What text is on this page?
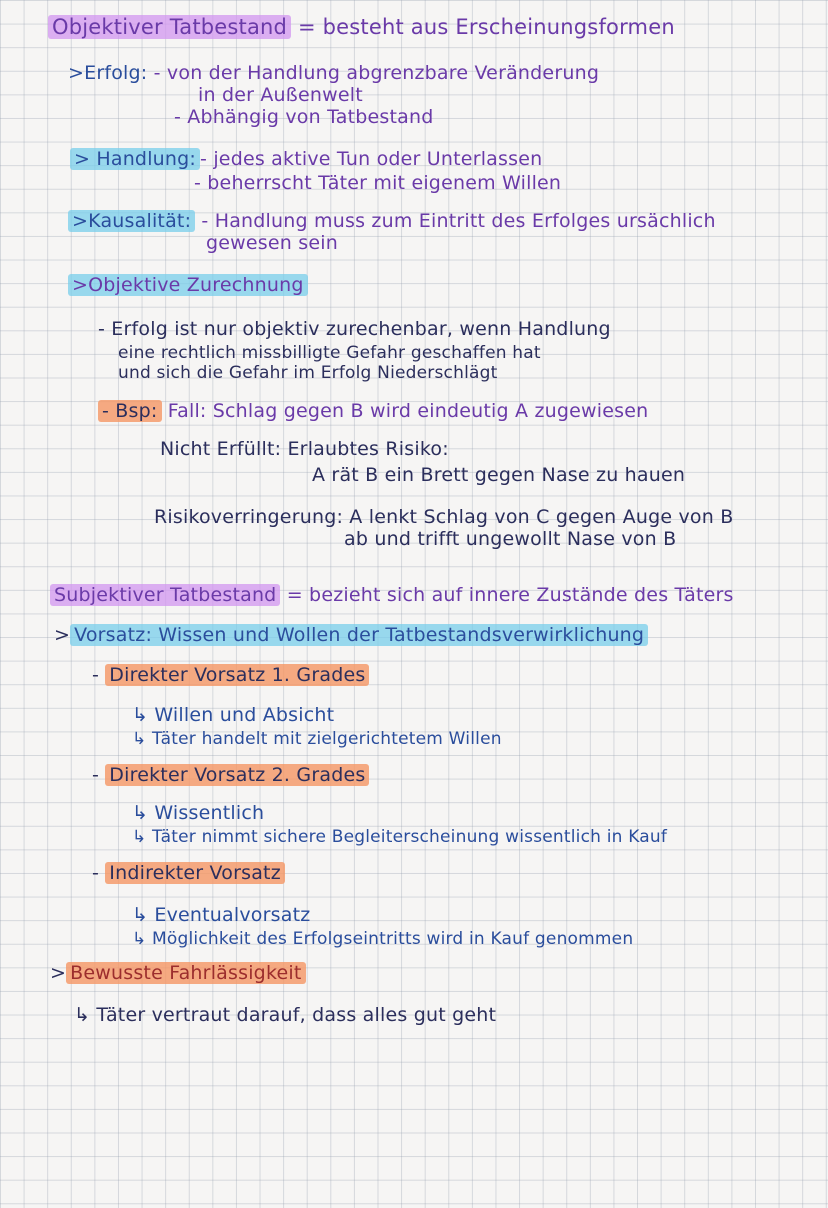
Objektiver Tatbestand = besteht aus Erscheinungsformen
>Erfolg: - von der Handlung abgrenzbare Veränderung
in der Außenwelt
- Abhängig von Tatbestand
> Handlung: - jedes aktive Tun oder Unterlassen
- beherrscht Täter mit eigenem Willen
>Kausalität: - Handlung muss zum Eintritt des Erfolges ursächlich
gewesen sein
>Objektive Zurechnung
- Erfolg ist nur objektiv zurechenbar, wenn Handlung
eine rechtlich missbilligte Gefahr geschaffen hat
und sich die Gefahr im Erfolg Niederschlägt
- Bsp: Fall: Schlag gegen B wird eindeutig A zugewiesen
Nicht Erfüllt: Erlaubtes Risiko:
A rät B ein Brett gegen Nase zu hauen
Risikoverringerung: A lenkt Schlag von C gegen Auge von B
ab und trifft ungewollt Nase von B
Subjektiver Tatbestand = bezieht sich auf innere Zustände des Täters
> Vorsatz: Wissen und Wollen der Tatbestandsverwirklichung
- Direkter Vorsatz 1. Grades
↳ Willen und Absicht
↳ Täter handelt mit zielgerichtetem Willen
- Direkter Vorsatz 2. Grades
↳ Wissentlich
↳ Täter nimmt sichere Begleiterscheinung wissentlich in Kauf
- Indirekter Vorsatz
↳ Eventualvorsatz
↳ Möglichkeit des Erfolgseintritts wird in Kauf genommen
> Bewusste Fahrlässigkeit
↳ Täter vertraut darauf, dass alles gut geht
